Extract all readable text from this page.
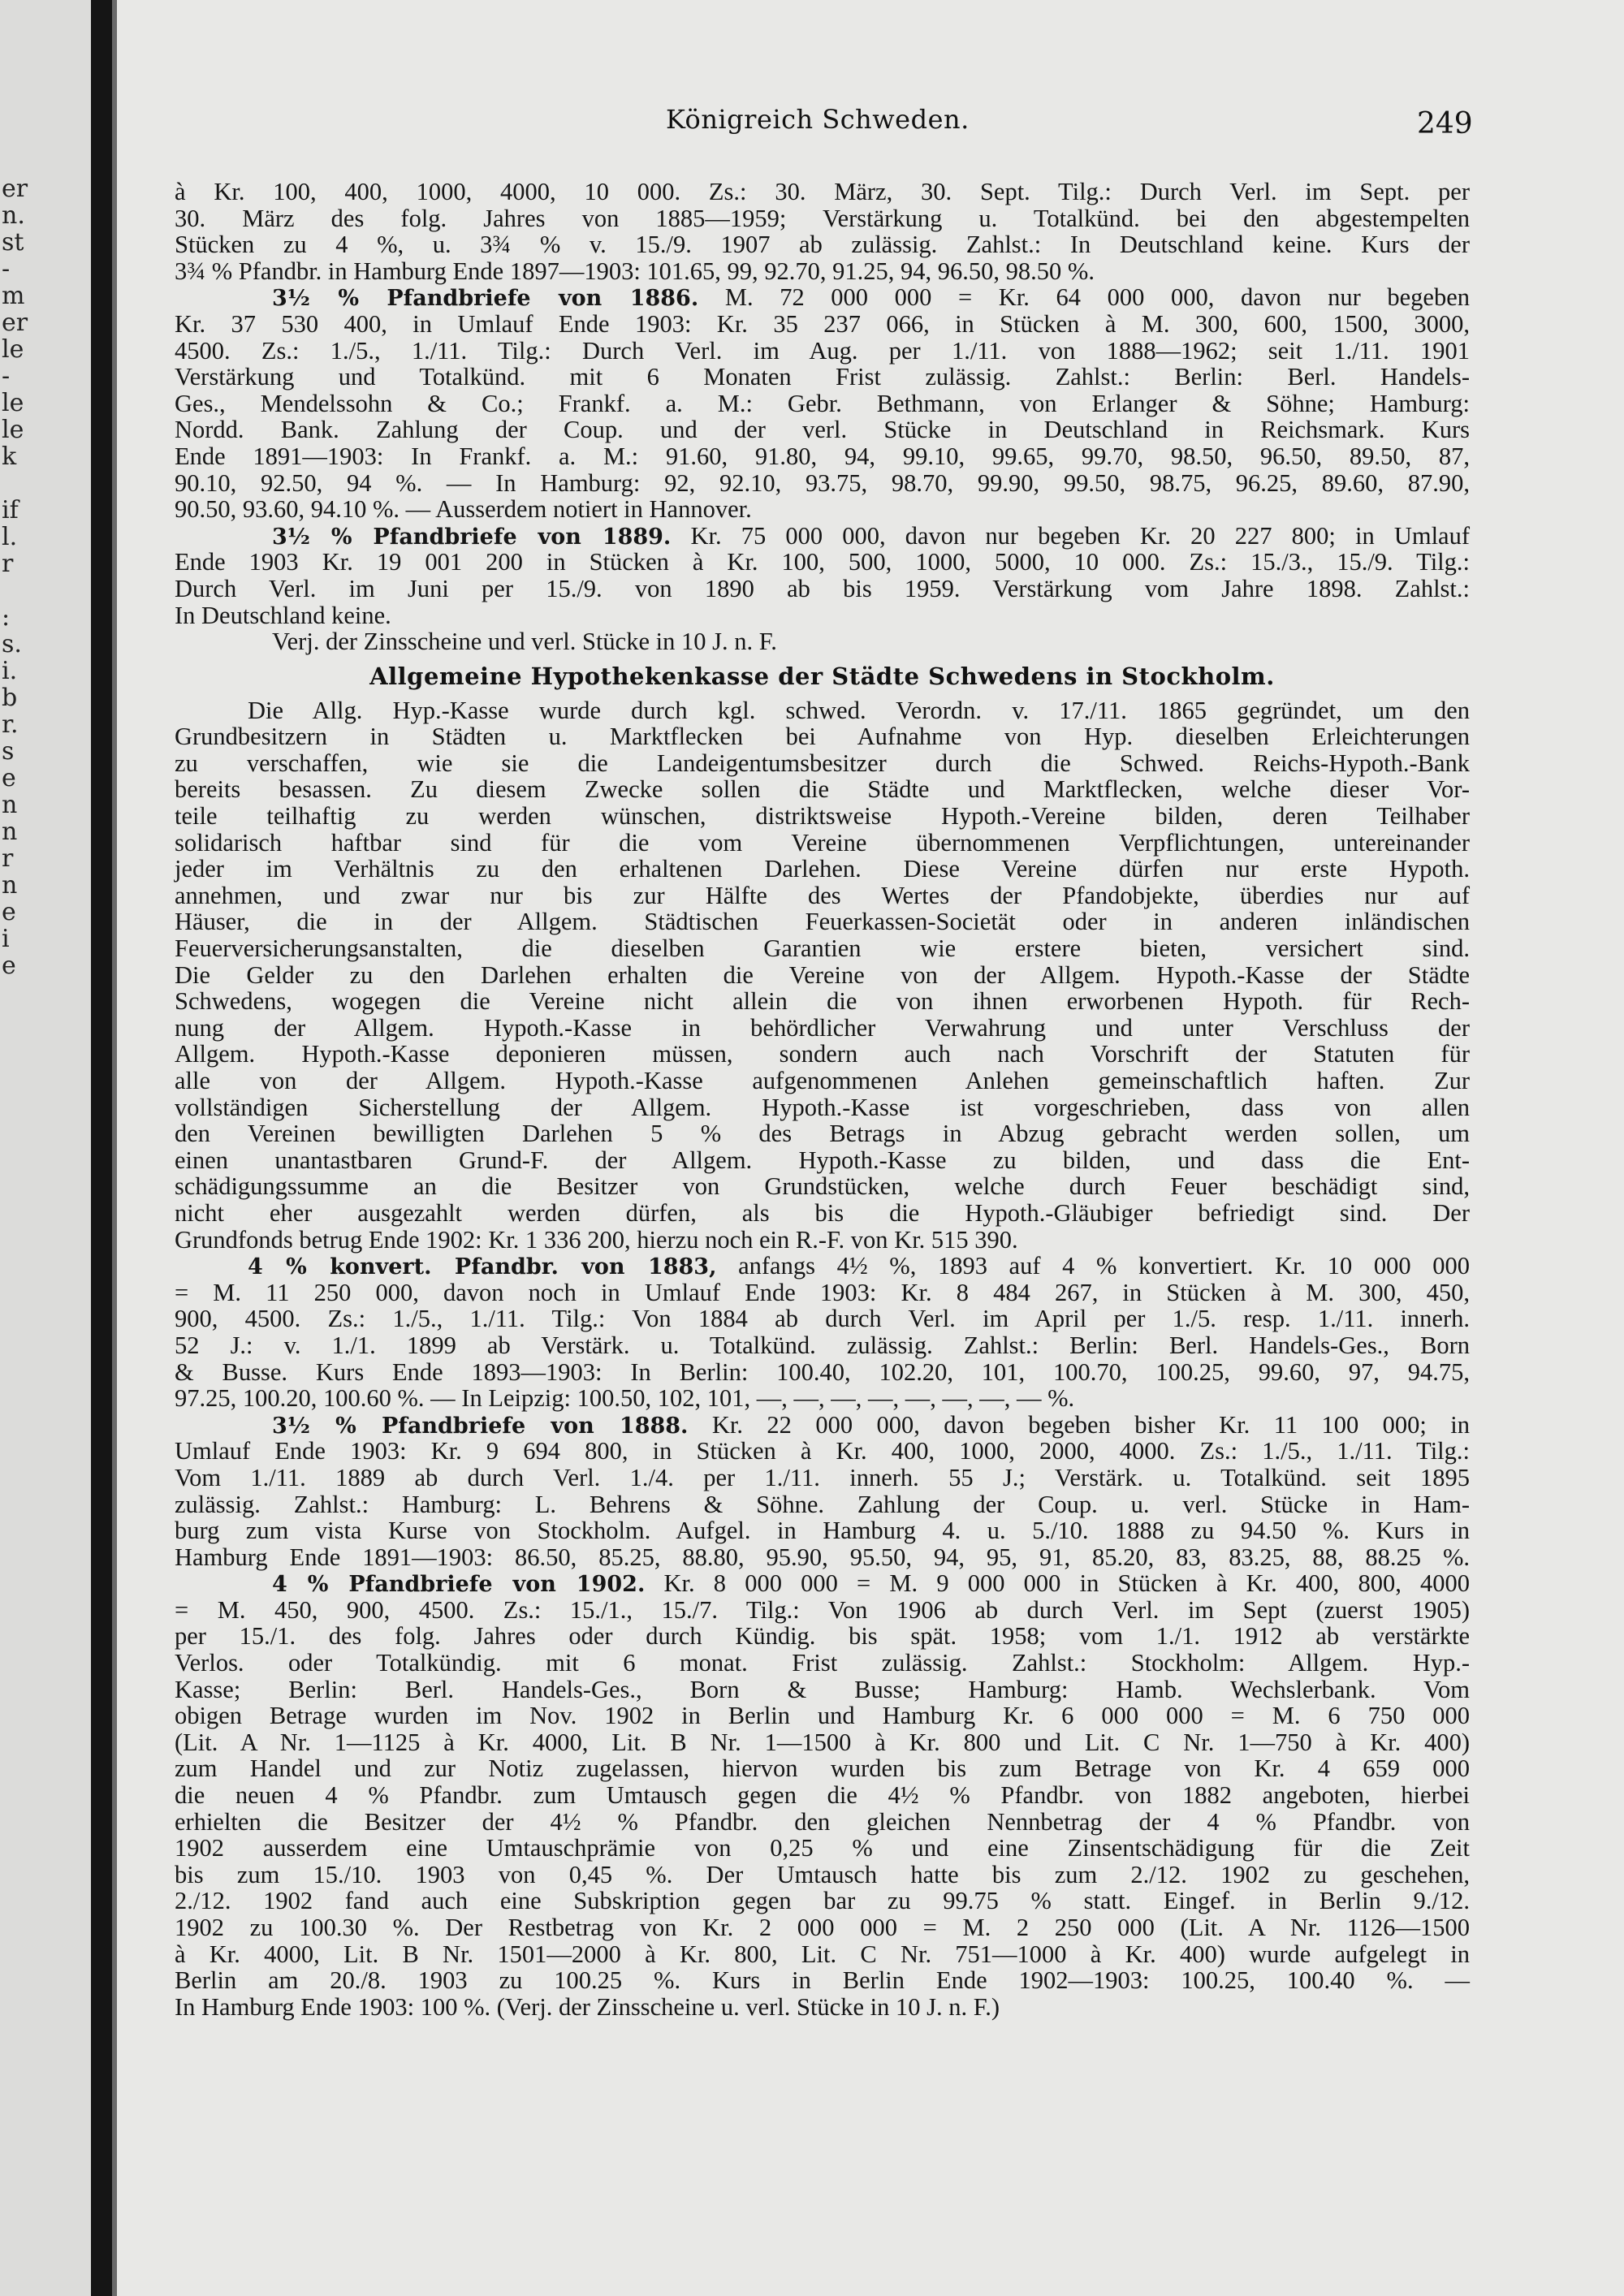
er
n.
st
-
m
er
le
-
le
le
k
if
l.
r
:
s.
i.
b
r.
s
e
n
n
r
n
e
i
e
Königreich Schweden.	249
à Kr. 100, 400, 1000, 4000, 10 000. Zs.: 30. März, 30. Sept. Tilg.: Durch Verl. im Sept. per
30. März des folg. Jahres von 1885—1959; Verstärkung u. Totalkünd. bei den abgestempelten
Stücken zu 4 %, u. 3¾ % v. 15./9. 1907 ab zulässig. Zahlst.: In Deutschland keine. Kurs der
3¾ % Pfandbr. in Hamburg Ende 1897—1903: 101.65, 99, 92.70, 91.25, 94, 96.50, 98.50 %.
3½ % Pfandbriefe von 1886. M. 72 000 000 = Kr. 64 000 000, davon nur begeben
Kr. 37 530 400, in Umlauf Ende 1903: Kr. 35 237 066, in Stücken à M. 300, 600, 1500, 3000,
4500. Zs.: 1./5., 1./11. Tilg.: Durch Verl. im Aug. per 1./11. von 1888—1962; seit 1./11. 1901
Verstärkung und Totalkünd. mit 6 Monaten Frist zulässig. Zahlst.: Berlin: Berl. Handels-
Ges., Mendelssohn & Co.; Frankf. a. M.: Gebr. Bethmann, von Erlanger & Söhne; Hamburg:
Nordd. Bank. Zahlung der Coup. und der verl. Stücke in Deutschland in Reichsmark. Kurs
Ende 1891—1903: In Frankf. a. M.: 91.60, 91.80, 94, 99.10, 99.65, 99.70, 98.50, 96.50, 89.50, 87,
90.10, 92.50, 94 %. — In Hamburg: 92, 92.10, 93.75, 98.70, 99.90, 99.50, 98.75, 96.25, 89.60, 87.90,
90.50, 93.60, 94.10 %. — Ausserdem notiert in Hannover.
3½ % Pfandbriefe von 1889. Kr. 75 000 000, davon nur begeben Kr. 20 227 800; in Umlauf
Ende 1903 Kr. 19 001 200 in Stücken à Kr. 100, 500, 1000, 5000, 10 000. Zs.: 15./3., 15./9. Tilg.:
Durch Verl. im Juni per 15./9. von 1890 ab bis 1959. Verstärkung vom Jahre 1898. Zahlst.:
In Deutschland keine.
Verj. der Zinsscheine und verl. Stücke in 10 J. n. F.
Allgemeine Hypothekenkasse der Städte Schwedens in Stockholm.
Die Allg. Hyp.-Kasse wurde durch kgl. schwed. Verordn. v. 17./11. 1865 gegründet, um den
Grundbesitzern in Städten u. Marktflecken bei Aufnahme von Hyp. dieselben Erleichterungen
zu verschaffen, wie sie die Landeigentumsbesitzer durch die Schwed. Reichs-Hypoth.-Bank
bereits besassen. Zu diesem Zwecke sollen die Städte und Marktflecken, welche dieser Vor-
teile teilhaftig zu werden wünschen, distriktsweise Hypoth.-Vereine bilden, deren Teilhaber
solidarisch haftbar sind für die vom Vereine übernommenen Verpflichtungen, untereinander
jeder im Verhältnis zu den erhaltenen Darlehen. Diese Vereine dürfen nur erste Hypoth.
annehmen, und zwar nur bis zur Hälfte des Wertes der Pfandobjekte, überdies nur auf
Häuser, die in der Allgem. Städtischen Feuerkassen-Societät oder in anderen inländischen
Feuerversicherungsanstalten, die dieselben Garantien wie erstere bieten, versichert sind.
Die Gelder zu den Darlehen erhalten die Vereine von der Allgem. Hypoth.-Kasse der Städte
Schwedens, wogegen die Vereine nicht allein die von ihnen erworbenen Hypoth. für Rech-
nung der Allgem. Hypoth.-Kasse in behördlicher Verwahrung und unter Verschluss der
Allgem. Hypoth.-Kasse deponieren müssen, sondern auch nach Vorschrift der Statuten für
alle von der Allgem. Hypoth.-Kasse aufgenommenen Anlehen gemeinschaftlich haften. Zur
vollständigen Sicherstellung der Allgem. Hypoth.-Kasse ist vorgeschrieben, dass von allen
den Vereinen bewilligten Darlehen 5 % des Betrags in Abzug gebracht werden sollen, um
einen unantastbaren Grund-F. der Allgem. Hypoth.-Kasse zu bilden, und dass die Ent-
schädigungssumme an die Besitzer von Grundstücken, welche durch Feuer beschädigt sind,
nicht eher ausgezahlt werden dürfen, als bis die Hypoth.-Gläubiger befriedigt sind. Der
Grundfonds betrug Ende 1902: Kr. 1 336 200, hierzu noch ein R.-F. von Kr. 515 390.
4 % konvert. Pfandbr. von 1883, anfangs 4½ %, 1893 auf 4 % konvertiert. Kr. 10 000 000
= M. 11 250 000, davon noch in Umlauf Ende 1903: Kr. 8 484 267, in Stücken à M. 300, 450,
900, 4500. Zs.: 1./5., 1./11. Tilg.: Von 1884 ab durch Verl. im April per 1./5. resp. 1./11. innerh.
52 J.: v. 1./1. 1899 ab Verstärk. u. Totalkünd. zulässig. Zahlst.: Berlin: Berl. Handels-Ges., Born
& Busse. Kurs Ende 1893—1903: In Berlin: 100.40, 102.20, 101, 100.70, 100.25, 99.60, 97, 94.75,
97.25, 100.20, 100.60 %. — In Leipzig: 100.50, 102, 101, —, —, —, —, —, —, —, — %.
3½ % Pfandbriefe von 1888. Kr. 22 000 000, davon begeben bisher Kr. 11 100 000; in
Umlauf Ende 1903: Kr. 9 694 800, in Stücken à Kr. 400, 1000, 2000, 4000. Zs.: 1./5., 1./11. Tilg.:
Vom 1./11. 1889 ab durch Verl. 1./4. per 1./11. innerh. 55 J.; Verstärk. u. Totalkünd. seit 1895
zulässig. Zahlst.: Hamburg: L. Behrens & Söhne. Zahlung der Coup. u. verl. Stücke in Ham-
burg zum vista Kurse von Stockholm. Aufgel. in Hamburg 4. u. 5./10. 1888 zu 94.50 %. Kurs in
Hamburg Ende 1891—1903: 86.50, 85.25, 88.80, 95.90, 95.50, 94, 95, 91, 85.20, 83, 83.25, 88, 88.25 %.
4 % Pfandbriefe von 1902. Kr. 8 000 000 = M. 9 000 000 in Stücken à Kr. 400, 800, 4000
= M. 450, 900, 4500. Zs.: 15./1., 15./7. Tilg.: Von 1906 ab durch Verl. im Sept (zuerst 1905)
per 15./1. des folg. Jahres oder durch Kündig. bis spät. 1958; vom 1./1. 1912 ab verstärkte
Verlos. oder Totalkündig. mit 6 monat. Frist zulässig. Zahlst.: Stockholm: Allgem. Hyp.-
Kasse; Berlin: Berl. Handels-Ges., Born & Busse; Hamburg: Hamb. Wechslerbank. Vom
obigen Betrage wurden im Nov. 1902 in Berlin und Hamburg Kr. 6 000 000 = M. 6 750 000
(Lit. A Nr. 1—1125 à Kr. 4000, Lit. B Nr. 1—1500 à Kr. 800 und Lit. C Nr. 1—750 à Kr. 400)
zum Handel und zur Notiz zugelassen, hiervon wurden bis zum Betrage von Kr. 4 659 000
die neuen 4 % Pfandbr. zum Umtausch gegen die 4½ % Pfandbr. von 1882 angeboten, hierbei
erhielten die Besitzer der 4½ % Pfandbr. den gleichen Nennbetrag der 4 % Pfandbr. von
1902 ausserdem eine Umtauschprämie von 0,25 % und eine Zinsentschädigung für die Zeit
bis zum 15./10. 1903 von 0,45 %. Der Umtausch hatte bis zum 2./12. 1902 zu geschehen,
2./12. 1902 fand auch eine Subskription gegen bar zu 99.75 % statt. Eingef. in Berlin 9./12.
1902 zu 100.30 %. Der Restbetrag von Kr. 2 000 000 = M. 2 250 000 (Lit. A Nr. 1126—1500
à Kr. 4000, Lit. B Nr. 1501—2000 à Kr. 800, Lit. C Nr. 751—1000 à Kr. 400) wurde aufgelegt in
Berlin am 20./8. 1903 zu 100.25 %. Kurs in Berlin Ende 1902—1903: 100.25, 100.40 %. —
In Hamburg Ende 1903: 100 %. (Verj. der Zinsscheine u. verl. Stücke in 10 J. n. F.)
